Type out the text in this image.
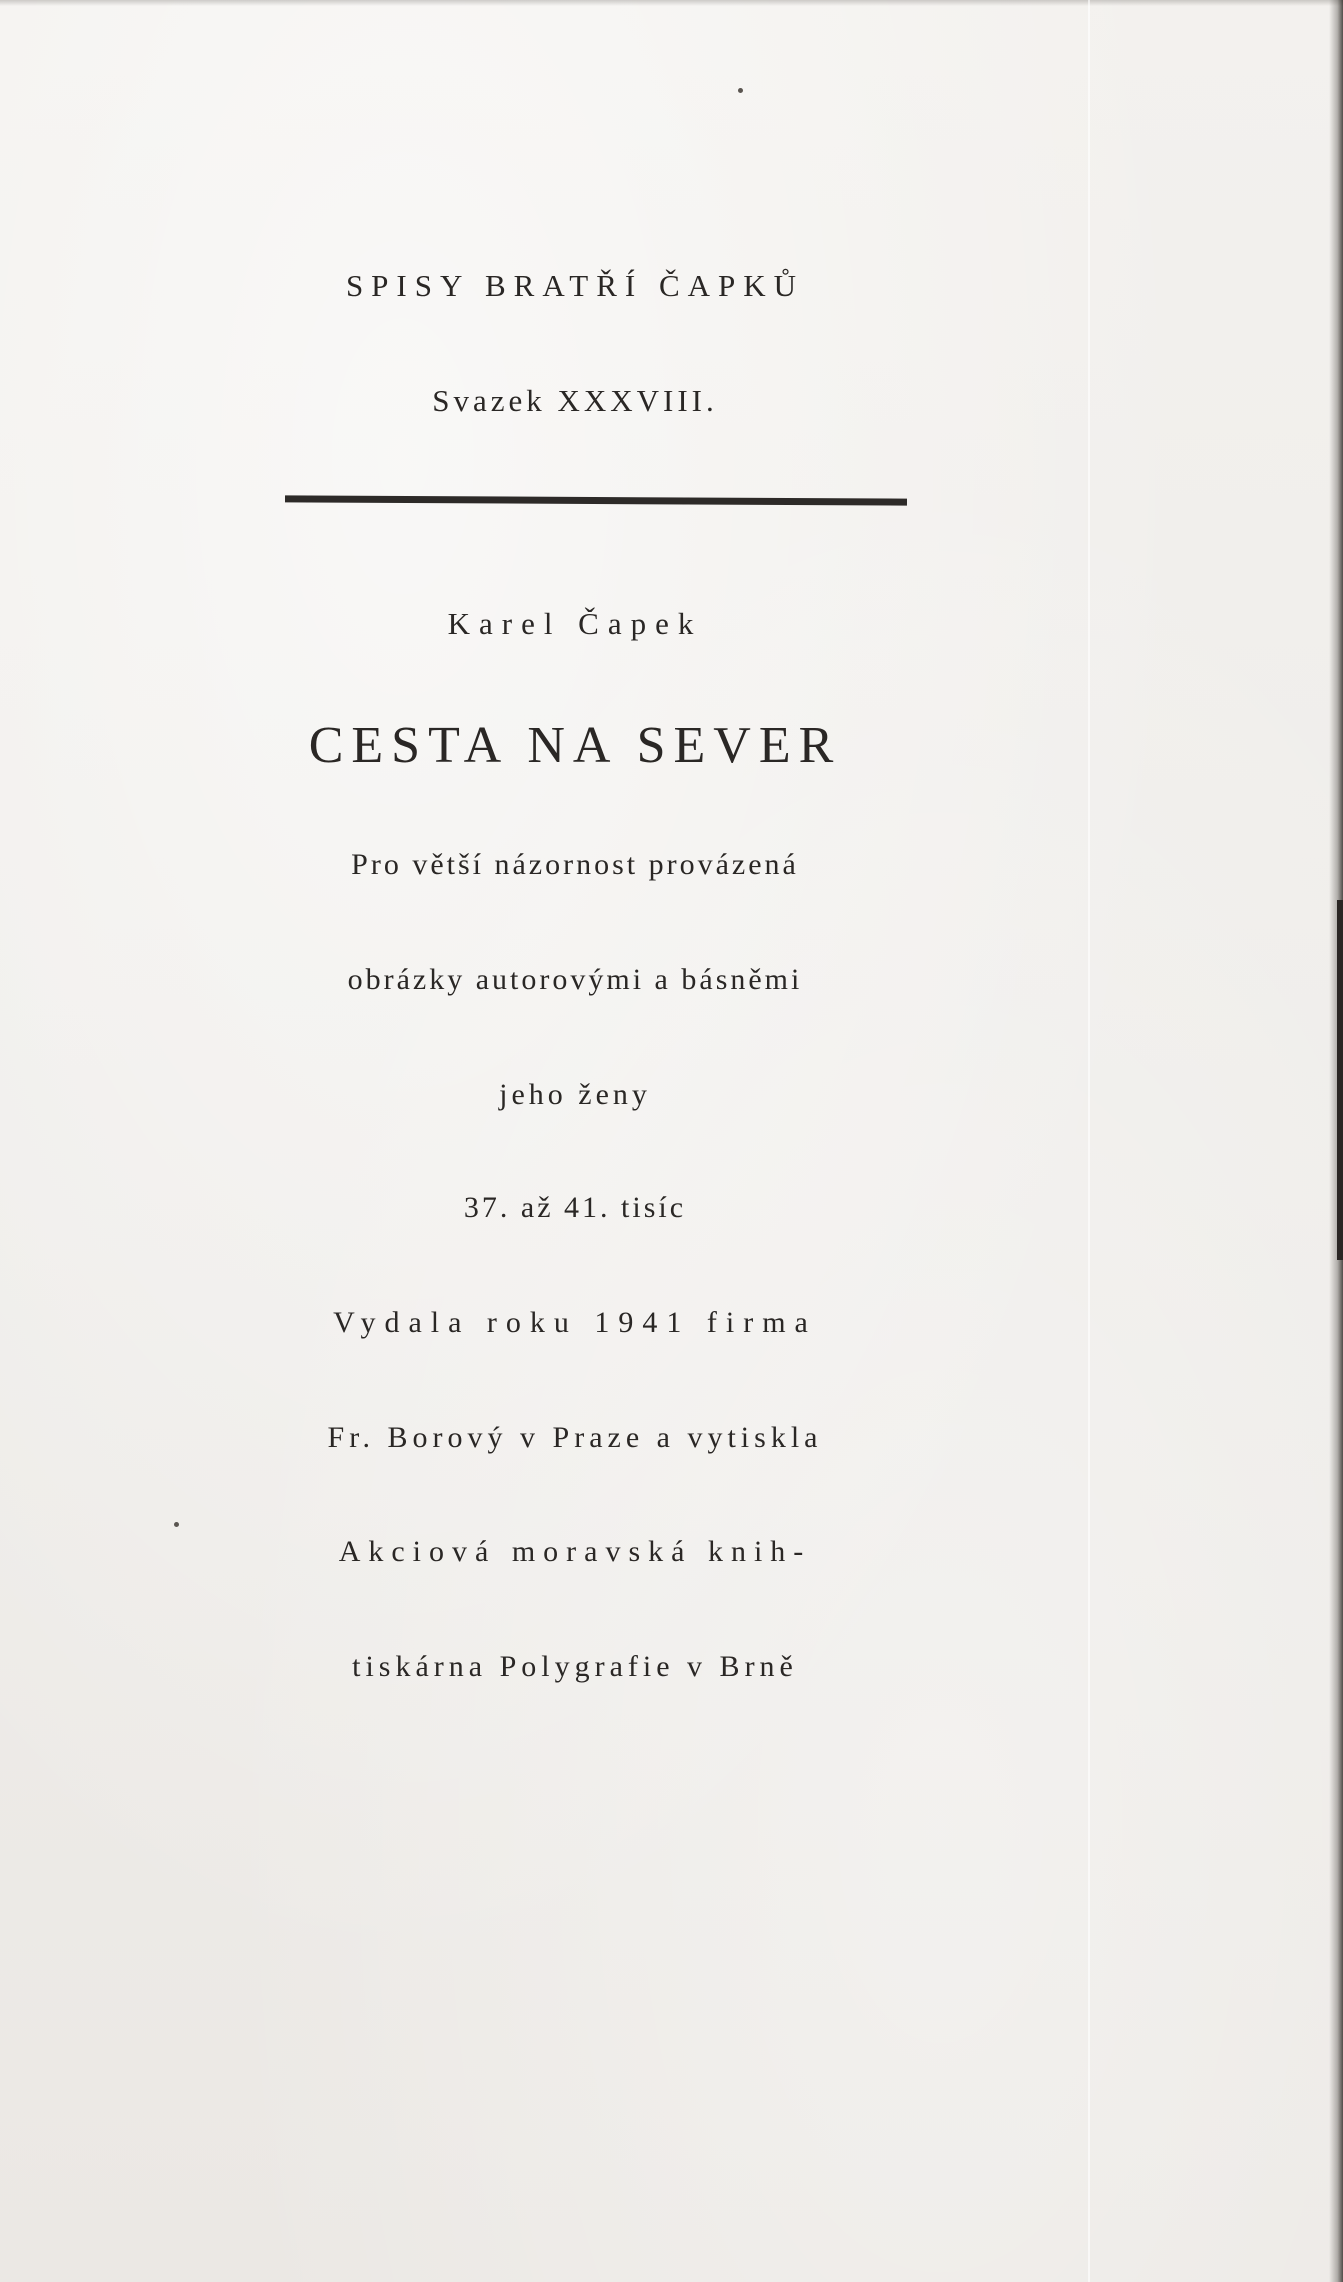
SPISY BRATŘÍ ČAPKŮ
Svazek XXXVIII.
Karel Čapek
CESTA NA SEVER
Pro větší názornost provázená
obrázky autorovými a básněmi
jeho ženy
37. až 41. tisíc
Vydala roku 1941 firma
Fr. Borový v Praze a vytiskla
Akciová moravská knih-
tiskárna Polygrafie v Brně
